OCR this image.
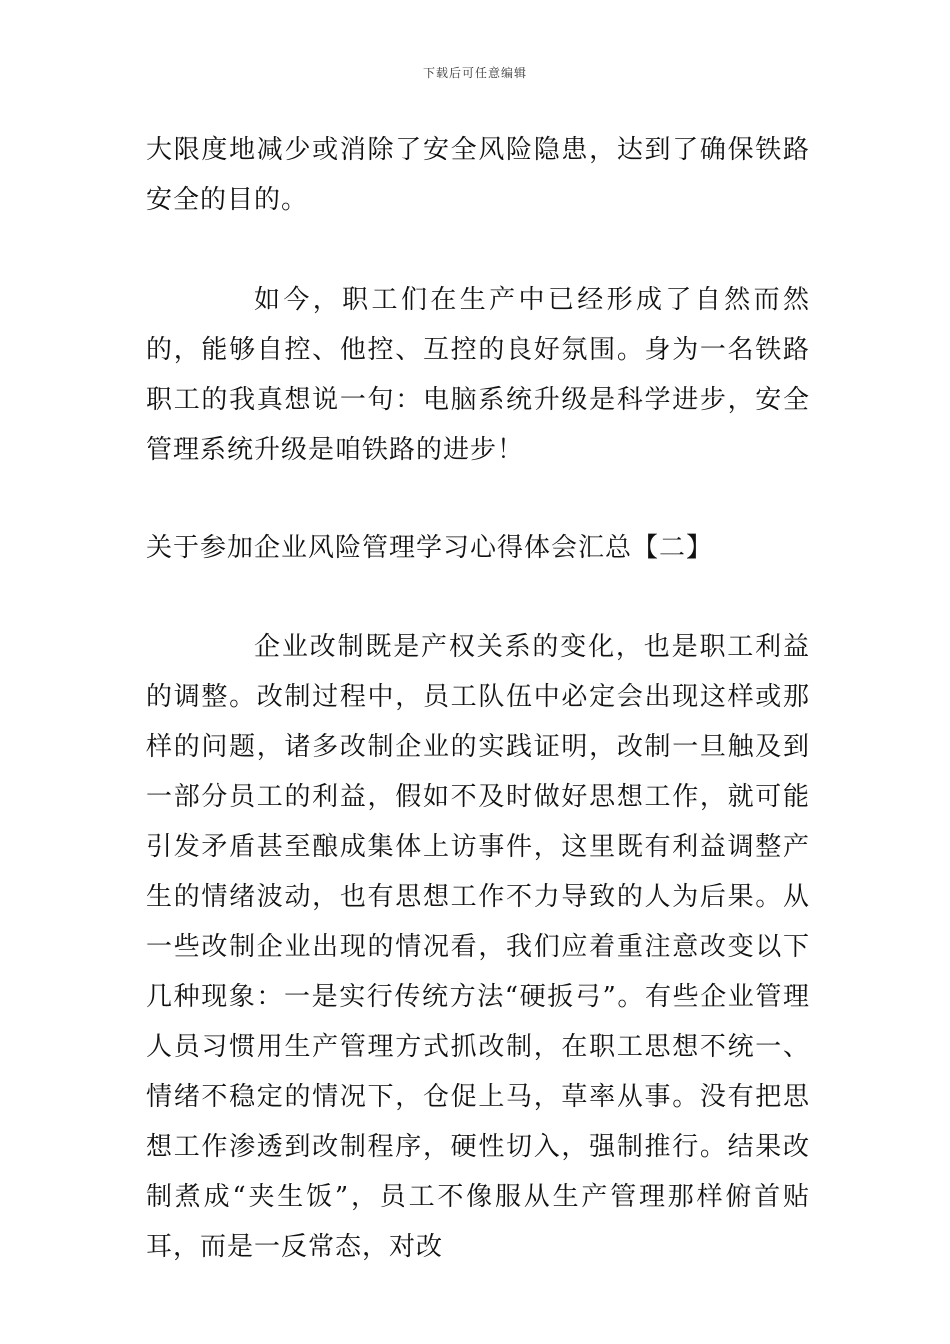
下载后可任意编辑

大限度地减少或消除了安全风险隐患，达到了确保铁路安全的目的。

如今，职工们在生产中已经形成了自然而然的，能够自控、他控、互控的良好氛围。身为一名铁路职工的我真想说一句：电脑系统升级是科学进步，安全管理系统升级是咱铁路的进步！

关于参加企业风险管理学习心得体会汇总【二】

企业改制既是产权关系的变化，也是职工利益的调整。改制过程中，员工队伍中必定会出现这样或那样的问题，诸多改制企业的实践证明，改制一旦触及到一部分员工的利益，假如不及时做好思想工作，就可能引发矛盾甚至酿成集体上访事件，这里既有利益调整产生的情绪波动，也有思想工作不力导致的人为后果。从一些改制企业出现的情况看，我们应着重注意改变以下几种现象：一是实行传统方法“硬扳弓”。有些企业管理人员习惯用生产管理方式抓改制，在职工思想不统一、情绪不稳定的情况下，仓促上马，草率从事。没有把思想工作渗透到改制程序，硬性切入，强制推行。结果改制煮成“夹生饭”，员工不像服从生产管理那样俯首贴耳，而是一反常态，对改
